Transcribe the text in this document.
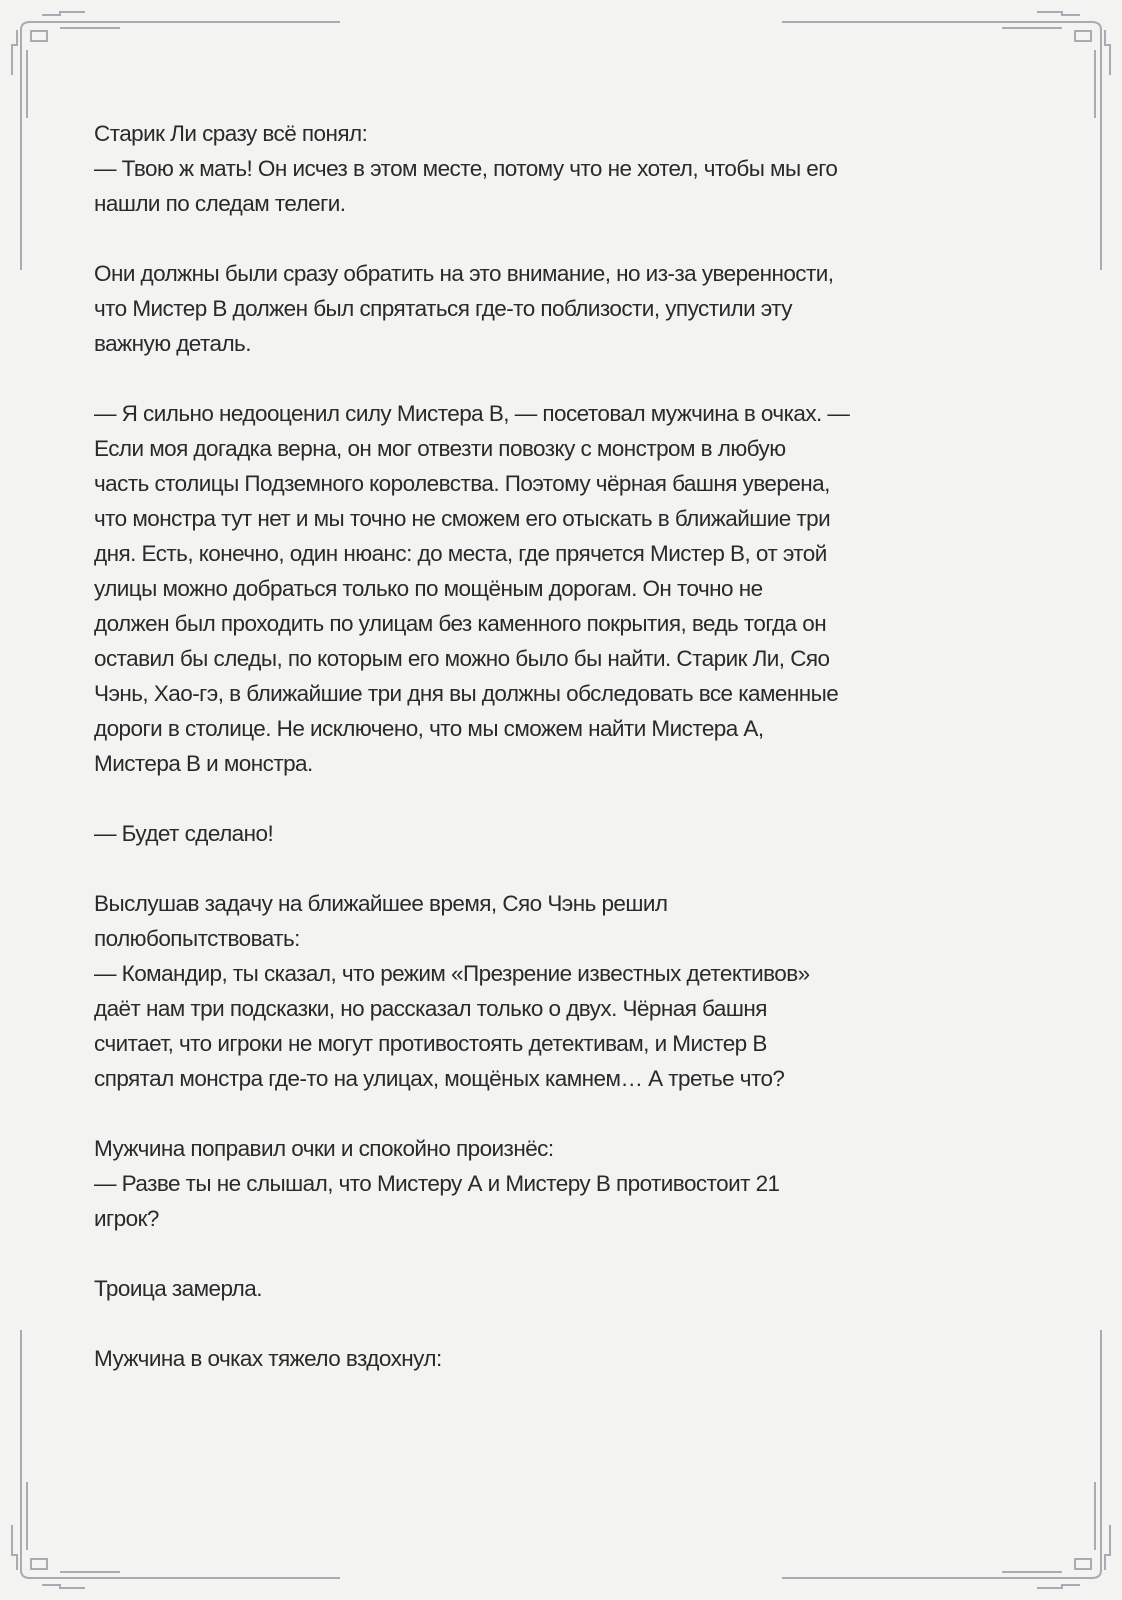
Старик Ли сразу всё понял:
— Твою ж мать! Он исчез в этом месте, потому что не хотел, чтобы мы его
нашли по следам телеги.
Они должны были сразу обратить на это внимание, но из-за уверенности,
что Мистер В должен был спрятаться где-то поблизости, упустили эту
важную деталь.
— Я сильно недооценил силу Мистера В, — посетовал мужчина в очках. —
Если моя догадка верна, он мог отвезти повозку с монстром в любую
часть столицы Подземного королевства. Поэтому чёрная башня уверена,
что монстра тут нет и мы точно не сможем его отыскать в ближайшие три
дня. Есть, конечно, один нюанс: до места, где прячется Мистер В, от этой
улицы можно добраться только по мощёным дорогам. Он точно не
должен был проходить по улицам без каменного покрытия, ведь тогда он
оставил бы следы, по которым его можно было бы найти. Старик Ли, Сяо
Чэнь, Хао-гэ, в ближайшие три дня вы должны обследовать все каменные
дороги в столице. Не исключено, что мы сможем найти Мистера А,
Мистера В и монстра.
— Будет сделано!
Выслушав задачу на ближайшее время, Сяо Чэнь решил
полюбопытствовать:
— Командир, ты сказал, что режим «Презрение известных детективов»
даёт нам три подсказки, но рассказал только о двух. Чёрная башня
считает, что игроки не могут противостоять детективам, и Мистер В
спрятал монстра где-то на улицах, мощёных камнем… А третье что?
Мужчина поправил очки и спокойно произнёс:
— Разве ты не слышал, что Мистеру А и Мистеру В противостоит 21
игрок?
Троица замерла.
Мужчина в очках тяжело вздохнул:
